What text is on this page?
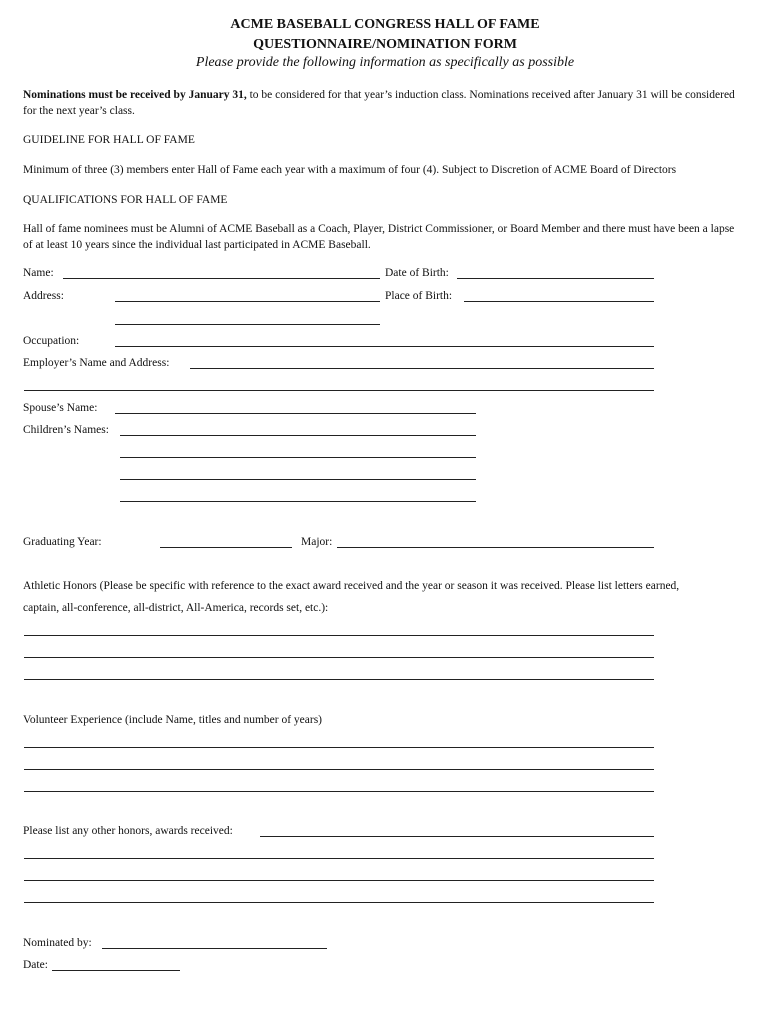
ACME BASEBALL CONGRESS HALL OF FAME
QUESTIONNAIRE/NOMINATION FORM
Please provide the following information as specifically as possible
Nominations must be received by January 31, to be considered for that year’s induction class. Nominations received after January 31 will be considered for the next year’s class.
GUIDELINE FOR HALL OF FAME
Minimum of three (3) members enter Hall of Fame each year with a maximum of four (4). Subject to Discretion of ACME Board of Directors
QUALIFICATIONS FOR HALL OF FAME
Hall of fame nominees must be Alumni of ACME Baseball as a Coach, Player, District Commissioner, or Board Member and there must have been a lapse of at least 10 years since the individual last participated in ACME Baseball.
Name:	Date of Birth:
Address:	Place of Birth:
Occupation:
Employer’s Name and Address:
Spouse’s Name:
Children’s Names:
Graduating Year:	Major:
Athletic Honors (Please be specific with reference to the exact award received and the year or season it was received. Please list letters earned,
captain, all-conference, all-district, All-America, records set, etc.):
Volunteer Experience (include Name, titles and number of years)
Please list any other honors, awards received:
Nominated by:
Date:
